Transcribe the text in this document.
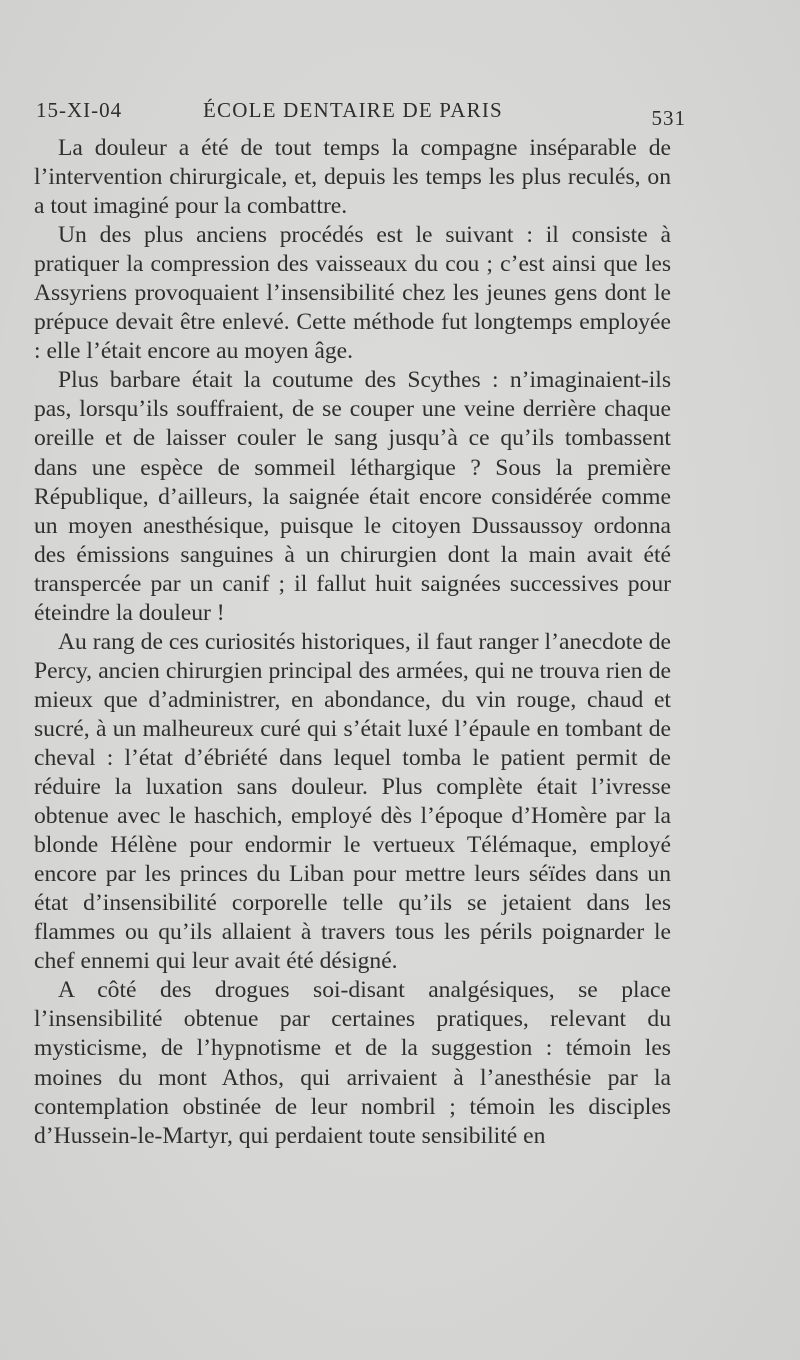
15-XI-04	ÉCOLE DENTAIRE DE PARIS	531

La douleur a été de tout temps la compagne inséparable de l’intervention chirurgicale, et, depuis les temps les plus reculés, on a tout imaginé pour la combattre.

Un des plus anciens procédés est le suivant : il consiste à pratiquer la compression des vaisseaux du cou ; c’est ainsi que les Assyriens provoquaient l’insensibilité chez les jeunes gens dont le prépuce devait être enlevé. Cette méthode fut longtemps employée : elle l’était encore au moyen âge.

Plus barbare était la coutume des Scythes : n’imaginaient-ils pas, lorsqu’ils souffraient, de se couper une veine derrière chaque oreille et de laisser couler le sang jusqu’à ce qu’ils tombassent dans une espèce de sommeil léthargique ? Sous la première République, d’ailleurs, la saignée était encore considérée comme un moyen anesthésique, puisque le citoyen Dussaussoy ordonna des émissions sanguines à un chirurgien dont la main avait été transpercée par un canif ; il fallut huit saignées successives pour éteindre la douleur !

Au rang de ces curiosités historiques, il faut ranger l’anecdote de Percy, ancien chirurgien principal des armées, qui ne trouva rien de mieux que d’administrer, en abondance, du vin rouge, chaud et sucré, à un malheureux curé qui s’était luxé l’épaule en tombant de cheval : l’état d’ébriété dans lequel tomba le patient permit de réduire la luxation sans douleur. Plus complète était l’ivresse obtenue avec le haschich, employé dès l’époque d’Homère par la blonde Hélène pour endormir le vertueux Télémaque, employé encore par les princes du Liban pour mettre leurs séïdes dans un état d’insensibilité corporelle telle qu’ils se jetaient dans les flammes ou qu’ils allaient à travers tous les périls poignarder le chef ennemi qui leur avait été désigné.

A côté des drogues soi-disant analgésiques, se place l’insensibilité obtenue par certaines pratiques, relevant du mysticisme, de l’hypnotisme et de la suggestion : témoin les moines du mont Athos, qui arrivaient à l’anesthésie par la contemplation obstinée de leur nombril ; témoin les disciples d’Hussein-le-Martyr, qui perdaient toute sensibilité en
